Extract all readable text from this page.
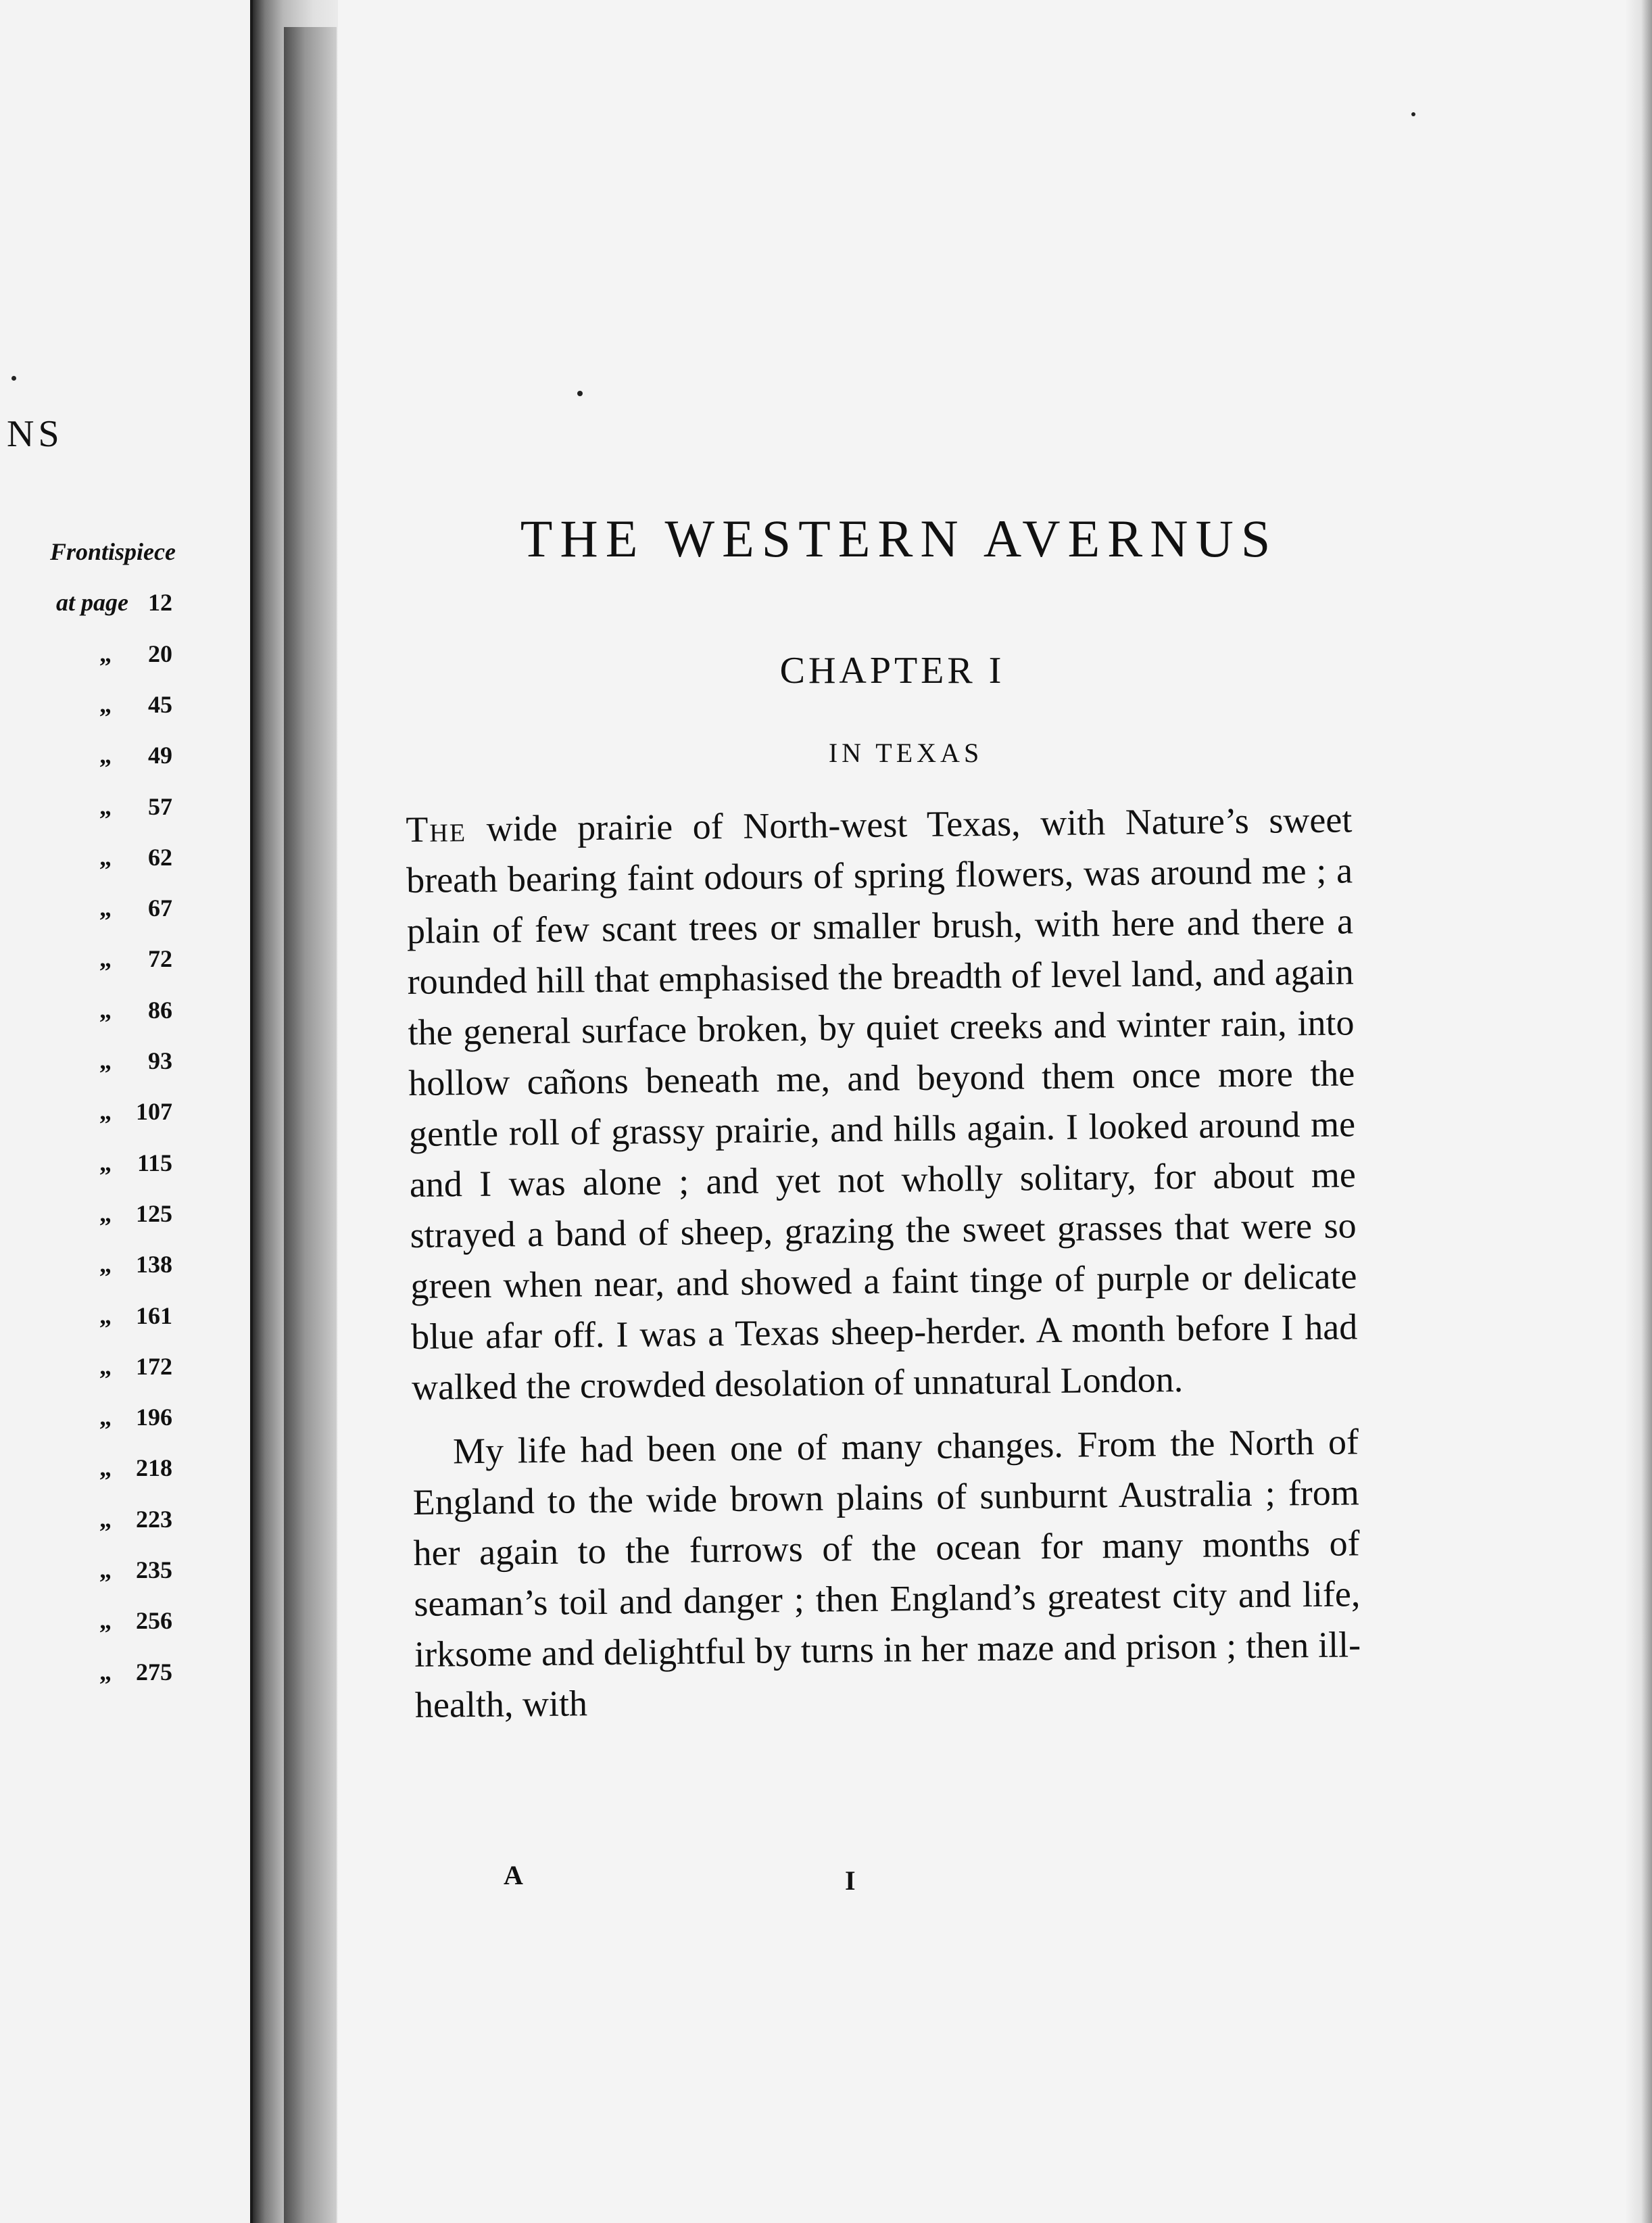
NS
Frontispiece
at page 12
„ 20
„ 45
„ 49
„ 57
„ 62
„ 67
„ 72
„ 86
„ 93
„ 107
„ 115
„ 125
„ 138
„ 161
„ 172
„ 196
„ 218
„ 223
„ 235
„ 256
„ 275
THE WESTERN AVERNUS
CHAPTER I
IN TEXAS

The wide prairie of North-west Texas, with Nature’s sweet breath bearing faint odours of spring flowers, was around me ; a plain of few scant trees or smaller brush, with here and there a rounded hill that emphasised the breadth of level land, and again the general surface broken, by quiet creeks and winter rain, into hollow cañons beneath me, and beyond them once more the gentle roll of grassy prairie, and hills again. I looked around me and I was alone ; and yet not wholly solitary, for about me strayed a band of sheep, grazing the sweet grasses that were so green when near, and showed a faint tinge of purple or delicate blue afar off. I was a Texas sheep-herder. A month before I had walked the crowded desolation of unnatural London.

My life had been one of many changes. From the North of England to the wide brown plains of sunburnt Australia ; from her again to the furrows of the ocean for many months of seaman’s toil and danger ; then England’s greatest city and life, irksome and delightful by turns in her maze and prison ; then ill-health, with

A	I
